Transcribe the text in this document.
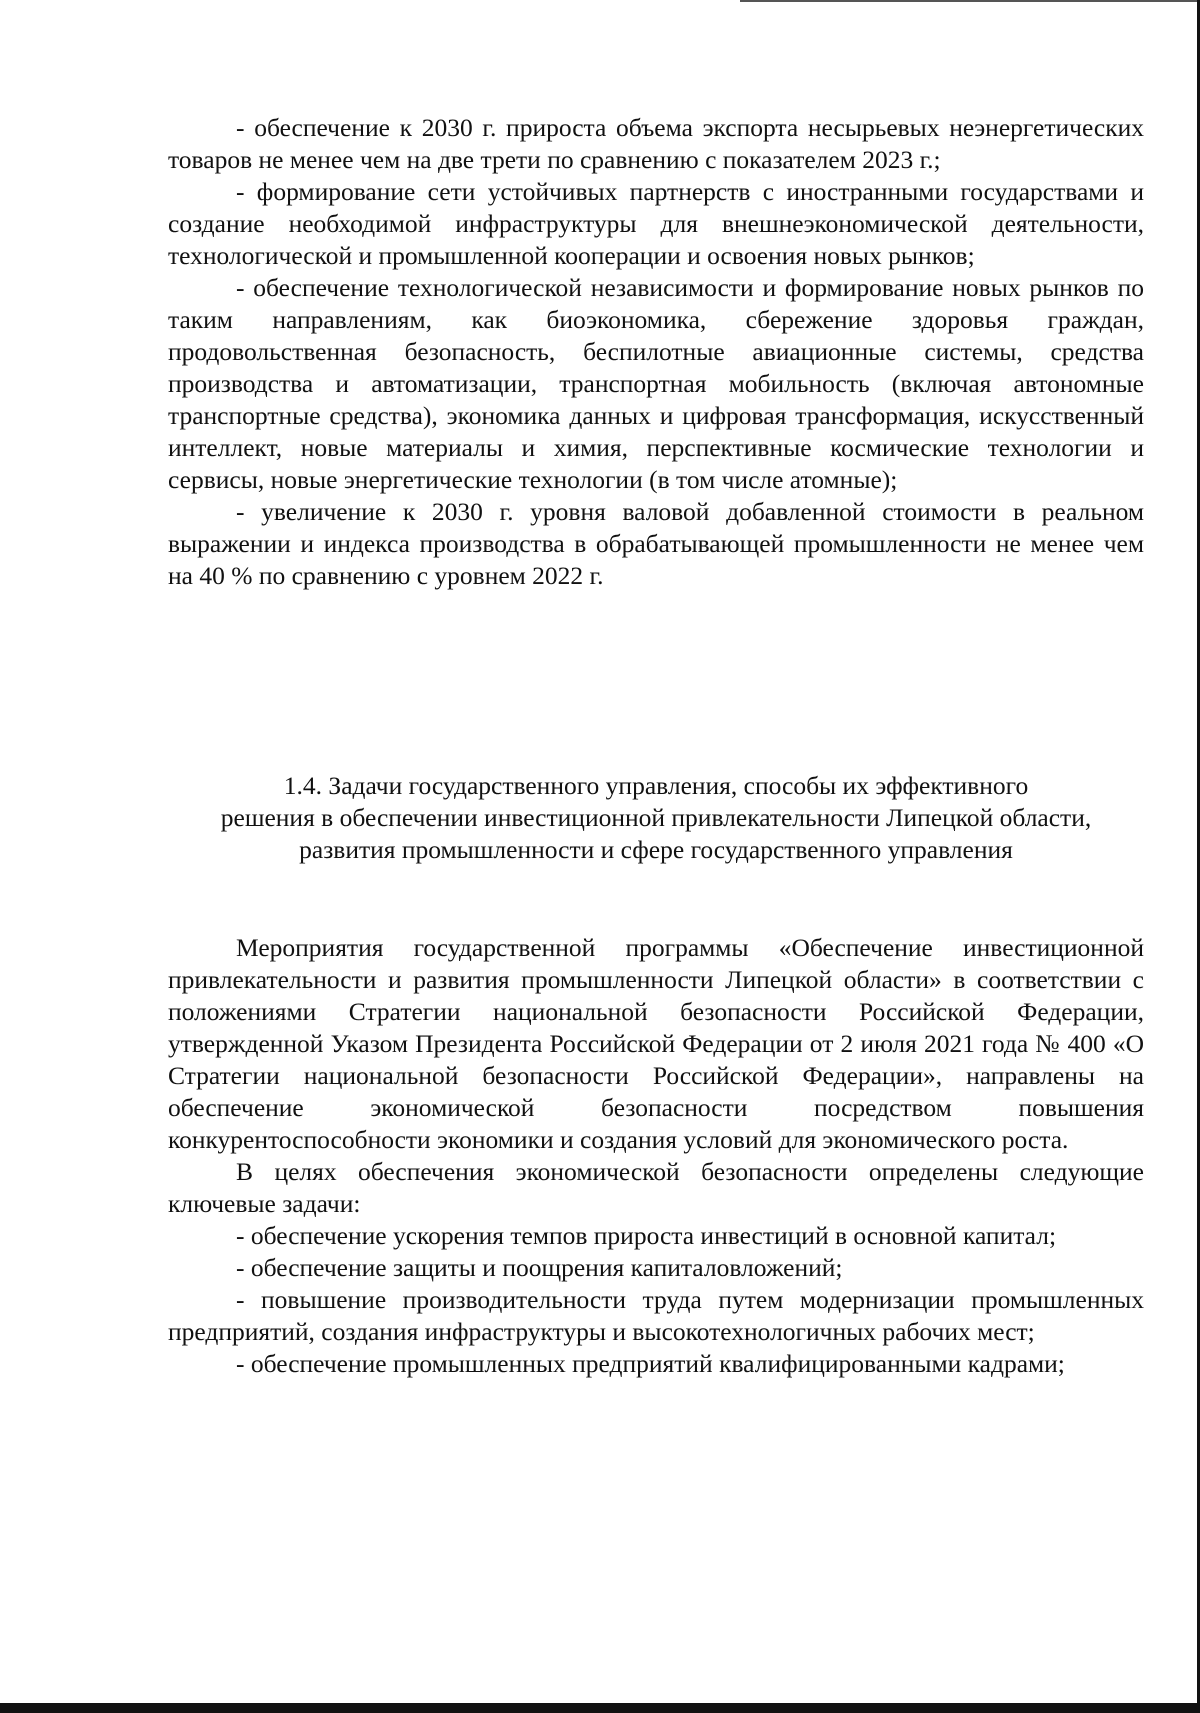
- обеспечение к 2030 г. прироста объема экспорта несырьевых неэнергетических товаров не менее чем на две трети по сравнению с показателем 2023 г.;

- формирование сети устойчивых партнерств с иностранными государствами и создание необходимой инфраструктуры для внешнеэкономической деятельности, технологической и промышленной кооперации и освоения новых рынков;

- обеспечение технологической независимости и формирование новых рынков по таким направлениям, как биоэкономика, сбережение здоровья граждан, продовольственная безопасность, беспилотные авиационные системы, средства производства и автоматизации, транспортная мобильность (включая автономные транспортные средства), экономика данных и цифровая трансформация, искусственный интеллект, новые материалы и химия, перспективные космические технологии и сервисы, новые энергетические технологии (в том числе атомные);

- увеличение к 2030 г. уровня валовой добавленной стоимости в реальном выражении и индекса производства в обрабатывающей промышленности не менее чем на 40 % по сравнению с уровнем 2022 г.

1.4. Задачи государственного управления, способы их эффективного
решения в обеспечении инвестиционной привлекательности Липецкой области,
развития промышленности и сфере государственного управления

Мероприятия государственной программы «Обеспечение инвестиционной привлекательности и развития промышленности Липецкой области» в соответствии с положениями Стратегии национальной безопасности Российской Федерации, утвержденной Указом Президента Российской Федерации от 2 июля 2021 года № 400 «О Стратегии национальной безопасности Российской Федерации», направлены на обеспечение экономической безопасности посредством повышения конкурентоспособности экономики и создания условий для экономического роста.

В целях обеспечения экономической безопасности определены следующие ключевые задачи:

- обеспечение ускорения темпов прироста инвестиций в основной капитал;

- обеспечение защиты и поощрения капиталовложений;

- повышение производительности труда путем модернизации промышленных предприятий, создания инфраструктуры и высокотехнологичных рабочих мест;

- обеспечение промышленных предприятий квалифицированными кадрами;
